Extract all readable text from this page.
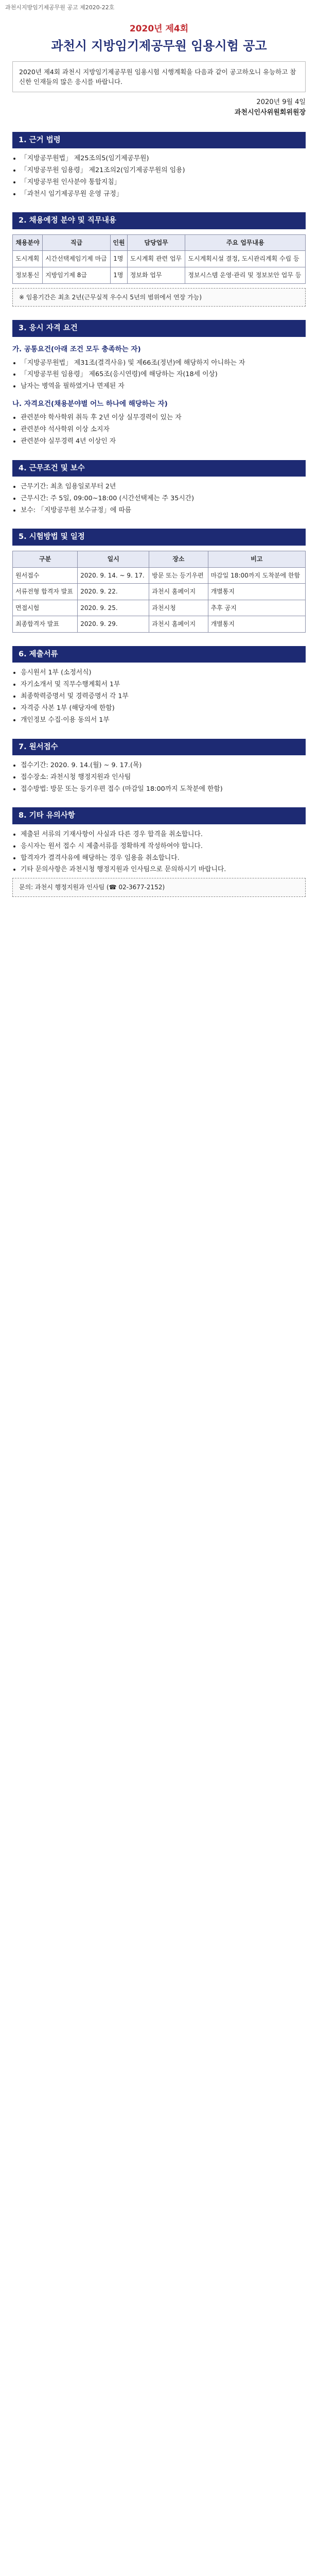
과천시지방임기제공무원 공고 제2020-22호
2020년 제4회
과천시 지방임기제공무원 임용시험 공고
2020년 제4회 과천시 지방임기제공무원 임용시험 시행계획을 다음과 같이 공고하오니 유능하고 참신한 인재들의 많은 응시를 바랍니다.
2020년 9월 4일
과천시인사위원회위원장
1. 근거 법령
• 「지방공무원법」 제25조의5(임기제공무원)
• 「지방공무원 임용령」 제21조의2(임기제공무원의 임용)
• 「지방공무원 인사분야 통합지침」
• 「과천시 임기제공무원 운영 규정」
2. 채용예정 분야 및 직무내용
채용분야	직급	인원	담당업무	주요 업무내용
도시계획	시간선택제임기제 마급	1명	도시계획 관련 업무	도시계획시설 결정, 도시관리계획 수립 등
정보통신	지방임기제 8급	1명	정보화 업무	정보시스템 운영·관리 및 정보보안 업무 등
※ 임용기간은 최초 2년(근무실적 우수시 5년의 범위에서 연장 가능)
3. 응시 자격 요건
가. 공통요건(아래 조건 모두 충족하는 자)
• 「지방공무원법」 제31조(결격사유) 및 제66조(정년)에 해당하지 아니하는 자
• 「지방공무원 임용령」 제65조(응시연령)에 해당하는 자(18세 이상)
• 남자는 병역을 필하였거나 면제된 자
나. 자격요건(채용분야별 어느 하나에 해당하는 자)
• 관련분야 학사학위 취득 후 2년 이상 실무경력이 있는 자
• 관련분야 석사학위 이상 소지자
• 관련분야 실무경력 4년 이상인 자
4. 근무조건 및 보수
• 근무기간: 최초 임용일로부터 2년
• 근무시간: 주 5일, 09:00~18:00 (시간선택제는 주 35시간)
• 보수: 「지방공무원 보수규정」에 따름
5. 시험방법 및 일정
구분	일시	장소	비고
원서접수	2020. 9. 14. ~ 9. 17.	방문 또는 등기우편	마감일 18:00까지 도착분에 한함
서류전형 합격자 발표	2020. 9. 22.	과천시 홈페이지	개별통지
면접시험	2020. 9. 25.	과천시청	추후 공지
최종합격자 발표	2020. 9. 29.	과천시 홈페이지	개별통지
6. 제출서류
• 응시원서 1부 (소정서식)
• 자기소개서 및 직무수행계획서 1부
• 최종학력증명서 및 경력증명서 각 1부
• 자격증 사본 1부 (해당자에 한함)
• 개인정보 수집·이용 동의서 1부
7. 원서접수
• 접수기간: 2020. 9. 14.(월) ~ 9. 17.(목)
• 접수장소: 과천시청 행정지원과 인사팀
• 접수방법: 방문 또는 등기우편 접수 (마감일 18:00까지 도착분에 한함)
8. 기타 유의사항
• 제출된 서류의 기재사항이 사실과 다른 경우 합격을 취소합니다.
• 응시자는 원서 접수 시 제출서류를 정확하게 작성하여야 합니다.
• 합격자가 결격사유에 해당하는 경우 임용을 취소합니다.
• 기타 문의사항은 과천시청 행정지원과 인사팀으로 문의하시기 바랍니다.
문의: 과천시 행정지원과 인사팀 (☎ 02-3677-2152)
